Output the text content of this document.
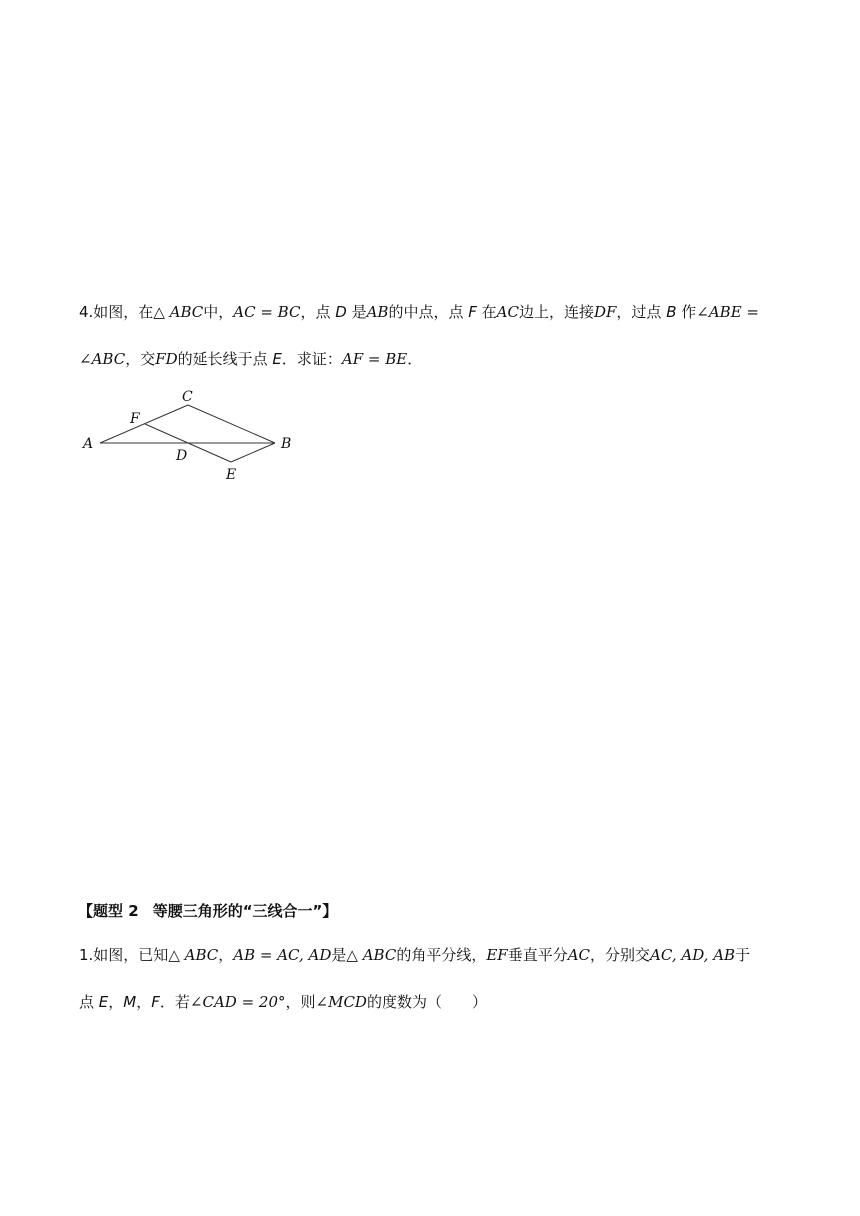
4.如图，在△ ABC中，AC = BC，点 D 是AB的中点，点 F 在AC边上，连接DF，过点 B 作∠ABE =
∠ABC，交FD的延长线于点 E．求证：AF = BE．
A	B
C
D
E
F
【题型 2 等腰三角形的“三线合一”】
1.如图，已知△ ABC，AB = AC, AD是△ ABC的角平分线，EF垂直平分AC，分别交AC, AD, AB于
点 E，M，F．若∠CAD = 20°，则∠MCD的度数为（　　）
